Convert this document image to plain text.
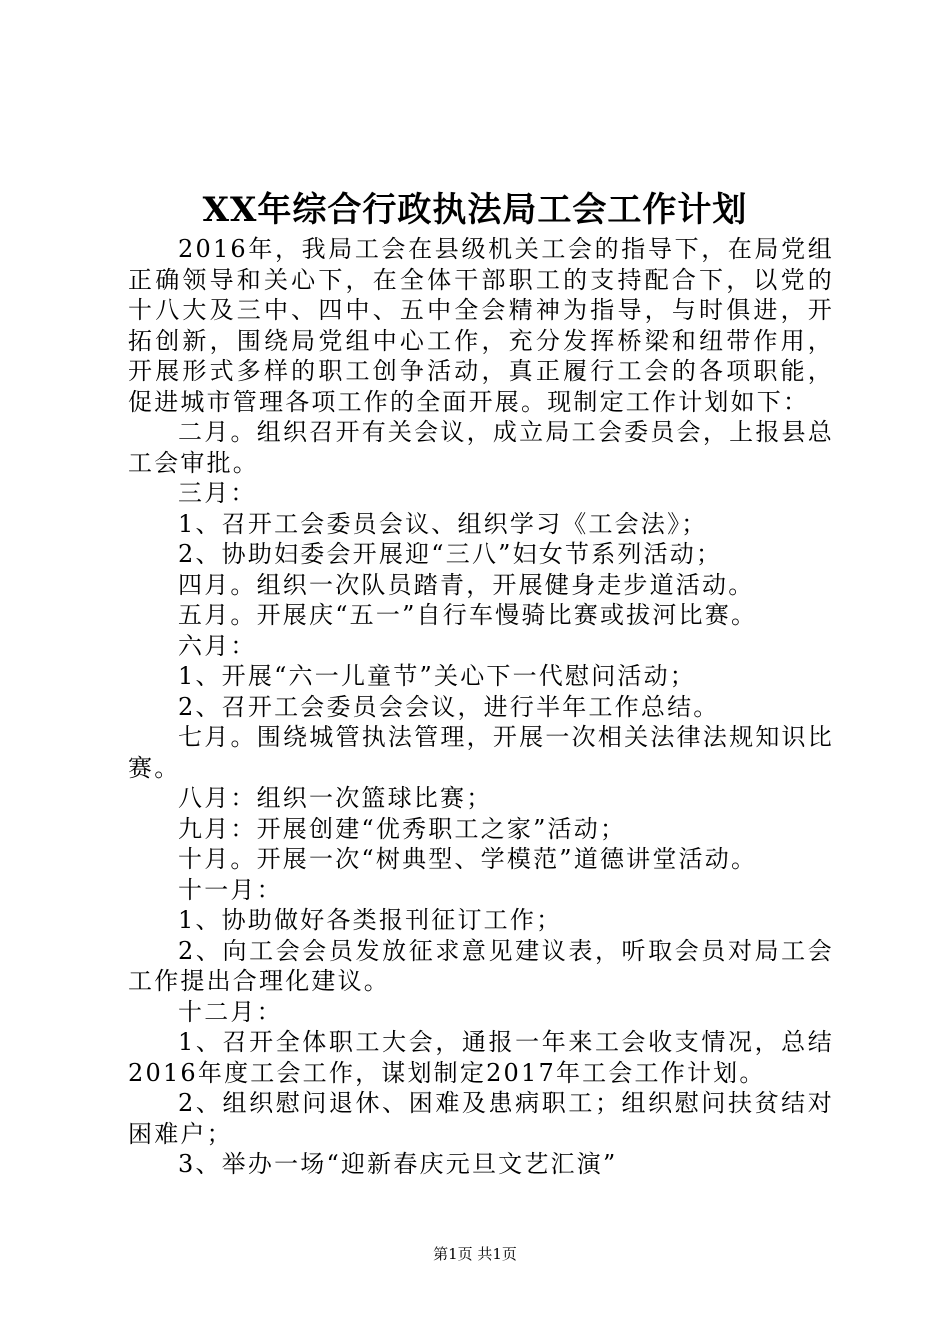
XX年综合行政执法局工会工作计划

2016年，我局工会在县级机关工会的指导下，在局党组正确领导和关心下，在全体干部职工的支持配合下，以党的十八大及三中、四中、五中全会精神为指导，与时俱进，开拓创新，围绕局党组中心工作，充分发挥桥梁和纽带作用，开展形式多样的职工创争活动，真正履行工会的各项职能，促进城市管理各项工作的全面开展。现制定工作计划如下：

二月。组织召开有关会议，成立局工会委员会，上报县总工会审批。

三月：

1、召开工会委员会议、组织学习《工会法》；

2、协助妇委会开展迎“三八”妇女节系列活动；

四月。组织一次队员踏青，开展健身走步道活动。

五月。开展庆“五一”自行车慢骑比赛或拔河比赛。

六月：

1、开展“六一儿童节”关心下一代慰问活动；

2、召开工会委员会会议，进行半年工作总结。

七月。围绕城管执法管理，开展一次相关法律法规知识比赛。

八月：组织一次篮球比赛；

九月：开展创建“优秀职工之家”活动；

十月。开展一次“树典型、学模范”道德讲堂活动。

十一月：

1、协助做好各类报刊征订工作；

2、向工会会员发放征求意见建议表，听取会员对局工会工作提出合理化建议。

十二月：

1、召开全体职工大会，通报一年来工会收支情况，总结2016年度工会工作，谋划制定2017年工会工作计划。

2、组织慰问退休、困难及患病职工；组织慰问扶贫结对困难户；

3、举办一场“迎新春庆元旦文艺汇演”

第1页 共1页
